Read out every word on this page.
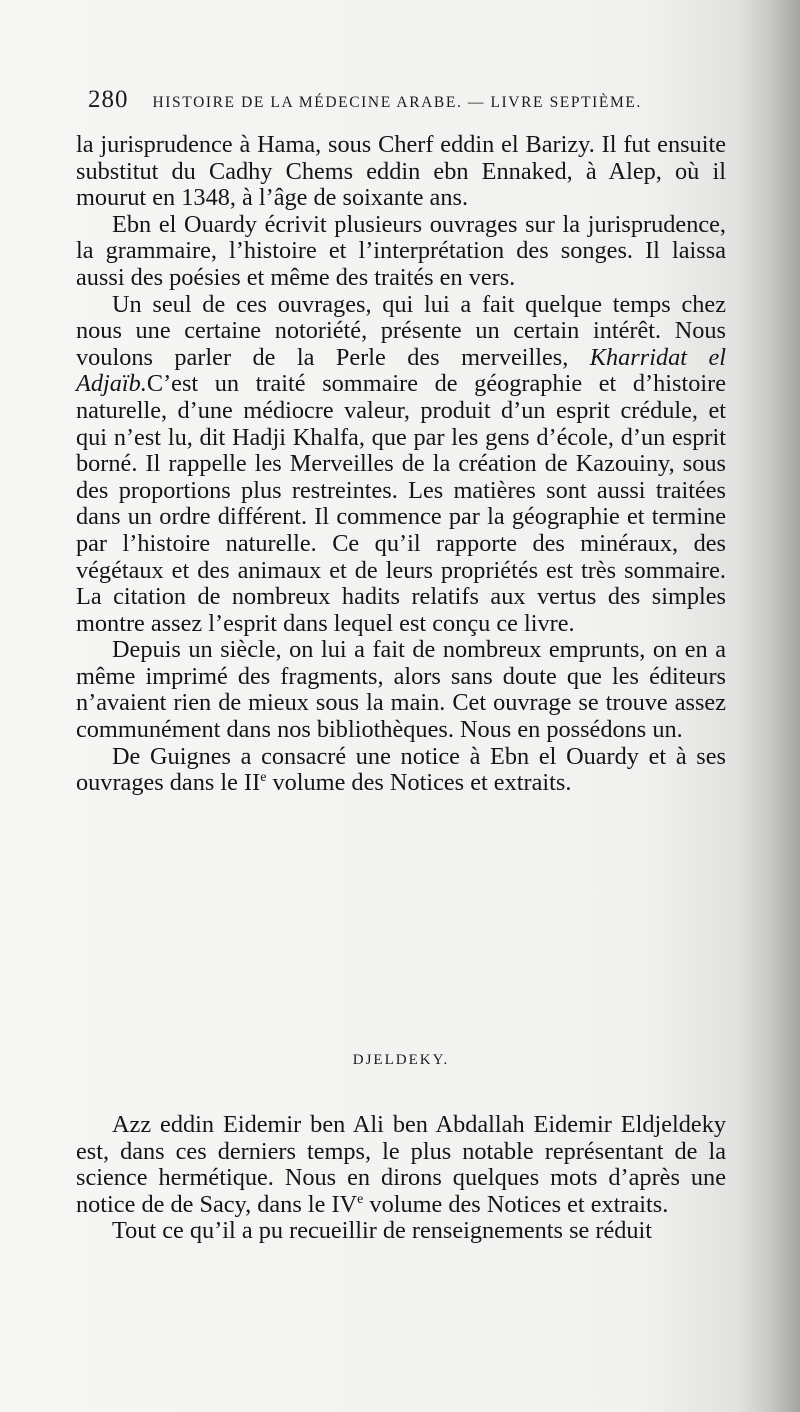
280 HISTOIRE DE LA MÉDECINE ARABE. — LIVRE SEPTIÈME.

la jurisprudence à Hama, sous Cherf eddin el Barizy. Il fut ensuite substitut du Cadhy Chems eddin ebn Ennaked, à Alep, où il mourut en 1348, à l’âge de soixante ans.

Ebn el Ouardy écrivit plusieurs ouvrages sur la jurisprudence, la grammaire, l’histoire et l’interprétation des songes. Il laissa aussi des poésies et même des traités en vers.

Un seul de ces ouvrages, qui lui a fait quelque temps chez nous une certaine notoriété, présente un certain intérêt. Nous voulons parler de la Perle des merveilles, Kharridat el Adjaïb.C’est un traité sommaire de géographie et d’histoire naturelle, d’une médiocre valeur, produit d’un esprit crédule, et qui n’est lu, dit Hadji Khalfa, que par les gens d’école, d’un esprit borné. Il rappelle les Merveilles de la création de Kazouiny, sous des proportions plus restreintes. Les matières sont aussi traitées dans un ordre différent. Il commence par la géographie et termine par l’histoire naturelle. Ce qu’il rapporte des minéraux, des végétaux et des animaux et de leurs propriétés est très sommaire. La citation de nombreux hadits relatifs aux vertus des simples montre assez l’esprit dans lequel est conçu ce livre.

Depuis un siècle, on lui a fait de nombreux emprunts, on en a même imprimé des fragments, alors sans doute que les éditeurs n’avaient rien de mieux sous la main. Cet ouvrage se trouve assez communément dans nos bibliothèques. Nous en possédons un.

De Guignes a consacré une notice à Ebn el Ouardy et à ses ouvrages dans le IIe volume des Notices et extraits.

DJELDEKY.

Azz eddin Eidemir ben Ali ben Abdallah Eidemir Eldjeldeky est, dans ces derniers temps, le plus notable représentant de la science hermétique. Nous en dirons quelques mots d’après une notice de de Sacy, dans le IVe volume des Notices et extraits.

Tout ce qu’il a pu recueillir de renseignements se réduit
